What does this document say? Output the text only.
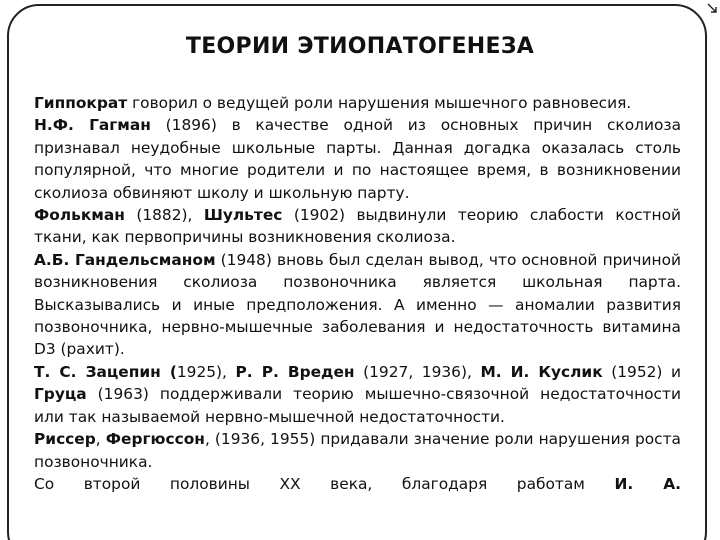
ТЕОРИИ ЭТИОПАТОГЕНЕЗА

Гиппократ говорил о ведущей роли нарушения мышечного равновесия.

Н.Ф. Гагман (1896) в качестве одной из основных причин сколиоза признавал неудобные школьные парты. Данная догадка оказалась столь популярной, что многие родители и по настоящее время, в возникновении сколиоза обвиняют школу и школьную парту.

Фолькман (1882), Шультес (1902) выдвинули теорию слабости костной ткани, как первопричины возникновения сколиоза.

А.Б. Гандельсманом (1948) вновь был сделан вывод, что основной причиной возникновения сколиоза позвоночника является школьная парта. Высказывались и иные предположения. А именно — аномалии развития позвоночника, нервно-мышечные заболевания и недостаточность витамина D3 (рахит).

Т. С. Зацепин (1925), Р. Р. Вреден (1927, 1936), М. И. Куслик (1952) и Груца (1963) поддерживали теорию мышечно-связочной недостаточности или так называемой нервно-мышечной недостаточности.

Риссер, Фергюссон, (1936, 1955) придавали значение роли нарушения роста позвоночника.

Со второй половины XX века, благодаря работам И. А.
